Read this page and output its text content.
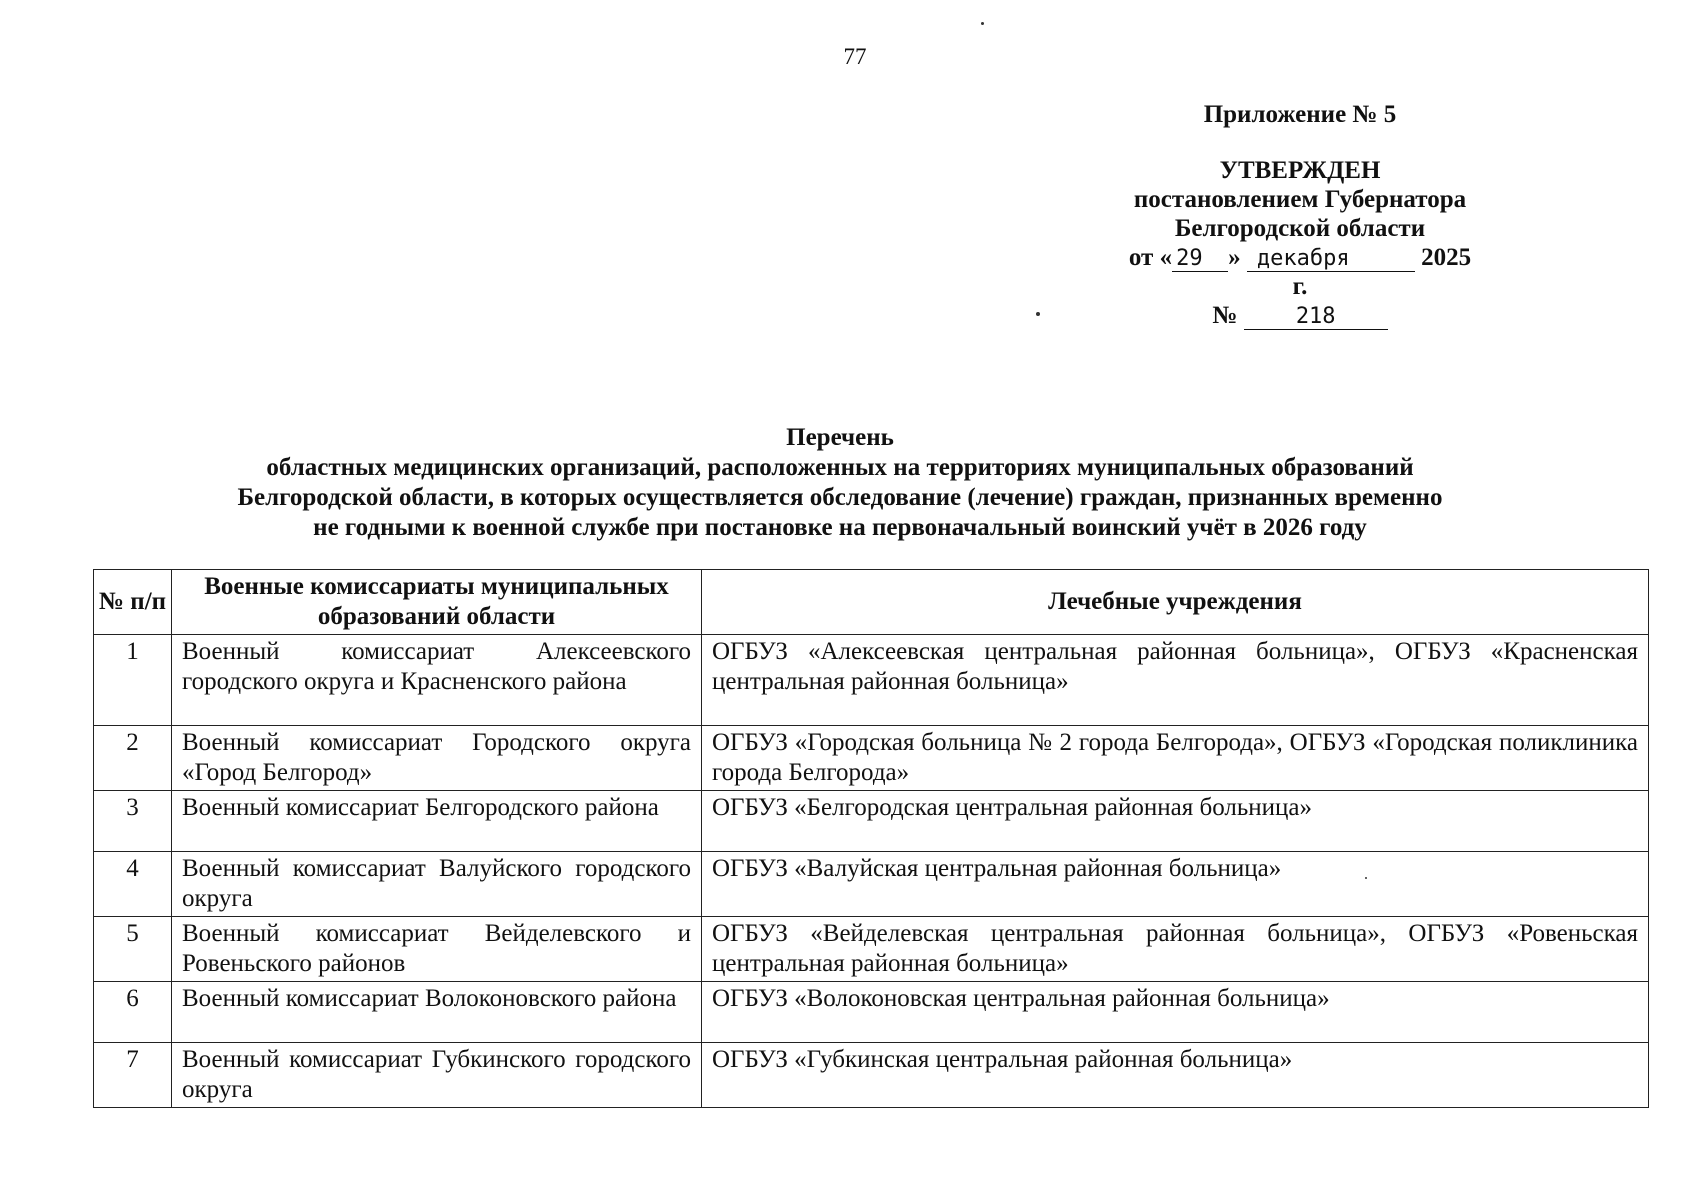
77
Приложение № 5
УТВЕРЖДЕН
постановлением Губернатора
Белгородской области
от « 29 » декабря	2025 г.
№	218
Перечень
областных медицинских организаций, расположенных на территориях муниципальных образований
Белгородской области, в которых осуществляется обследование (лечение) граждан, признанных временно
не годными к военной службе при постановке на первоначальный воинский учёт в 2026 году
№ п/п	Военные комиссариаты муниципальных образований области	Лечебные учреждения
1	Военный комиссариат Алексеевского городского округа и Красненского района	ОГБУЗ «Алексеевская центральная районная больница», ОГБУЗ «Красненская центральная районная больница»
2	Военный комиссариат Городского округа «Город Белгород»	ОГБУЗ «Городская больница № 2 города Белгорода», ОГБУЗ «Городская поликлиника города Белгорода»
3	Военный комиссариат Белгородского района	ОГБУЗ «Белгородская центральная районная больница»
4	Военный комиссариат Валуйского городского округа	ОГБУЗ «Валуйская центральная районная больница»
5	Военный комиссариат Вейделевского и Ровеньского районов	ОГБУЗ «Вейделевская центральная районная больница», ОГБУЗ «Ровеньская центральная районная больница»
6	Военный комиссариат Волоконовского района	ОГБУЗ «Волоконовская центральная районная больница»
7	Военный комиссариат Губкинского городского округа	ОГБУЗ «Губкинская центральная районная больница»
